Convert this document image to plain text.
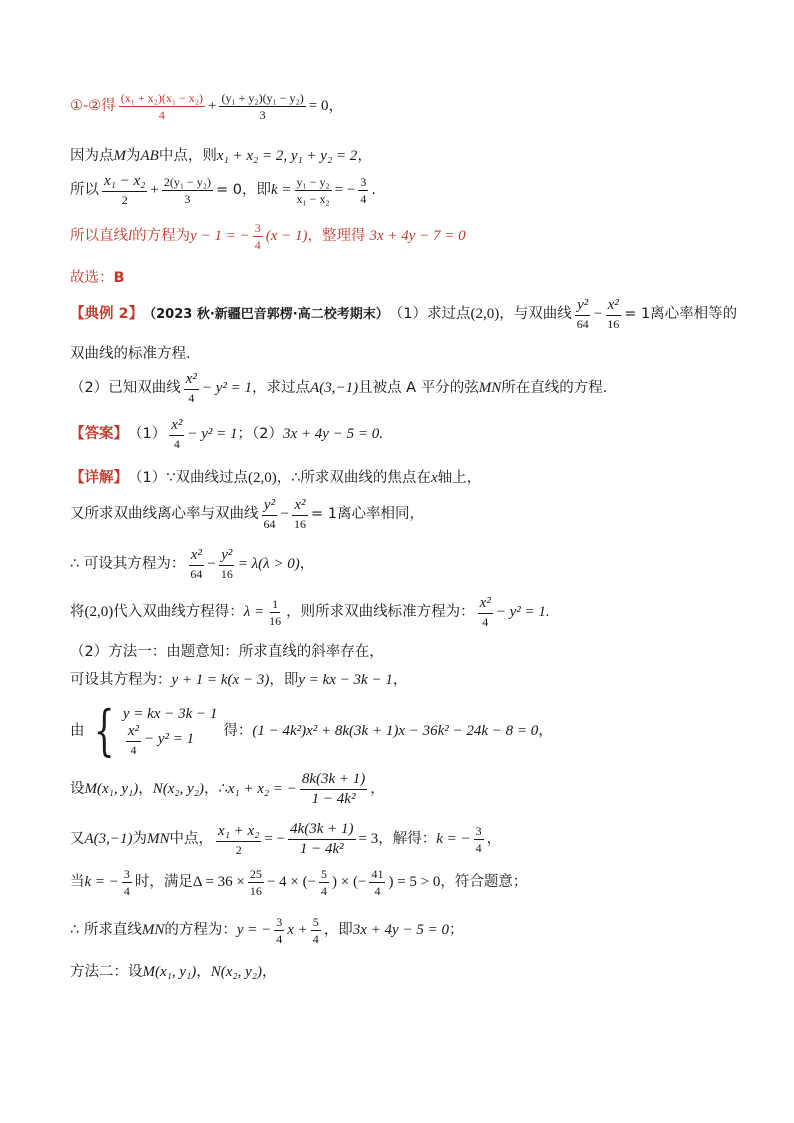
①-② 得 $\frac{\text{(x₁ + x₂)(x₁ − x₂)}}{4} + \frac{\text{(y₁ + y₂)(y₁ − y₂)}}{3} = 0$，
因为点 M 为 AB 中点，则 x₁ + x₂ = 2, y₁ + y₂ = 2 ，
所以 $\frac{\text{x₁ − x₂}}{2} + \frac{\text{2(y₁ − y₂)}}{3} = 0$，即 $k = \frac{\text{y₁ − y₂}}{\text{x₁ − x₂}}$ = − $\frac{3}{4}$ .
所以直线 l 的方程为 y − 1 = − $\frac{3}{4} (x - 1)$ ，整理得 3x + 4y − 7 = 0
故选： B
【典例 2】 （2023 秋·新疆巴音郭楞·高二校考期末） （1）求过点 (2,0) ，与双曲线 $\frac{\text{y²}}{64} - \frac{\text{x²}}{16} = 1$离心率相等的
双曲线的标准方程.
（2）已知双曲线 $\frac{\text{x²}}{4} - y^2 = 1$ ，求过点 A(3,−1) 且被点 A 平分的弦 MN 所在直线的方程.
【答案】 $(1) \frac{\text{x²}}{4} - y^2 = 1$ ；（2） 3x + 4y − 5 = 0.
【详解】 （1）∵双曲线过点 (2,0) ，∴所求双曲线的焦点在 x 轴上，
又所求双曲线离心率与双曲线 $\frac{\text{y²}}{64} - \frac{\text{x²}}{16} = 1$离心率相同，
∴ 可设其方程为： $\frac{\text{x²}}{64} - \frac{\text{y²}}{16} = \lambda(\lambda > 0)$ ，
将 (2,0) 代入双曲线方程得： $\lambda = \frac{1}{16}$ ，则所求双曲线标准方程为： $\frac{\text{x²}}{4} - y^2 = 1$.
（2）方法一：由题意知：所求直线的斜率存在，
可设其方程为： y + 1 = k(x − 3) ，即 y = kx − 3k − 1 ，
由 { y = kx − 3k − 1
$\frac{\text{x²}}{4} - y^2 = 1$
得： (1 − 4k²)x² + 8k(3k + 1)x − 36k² − 24k − 8 = 0 ，
设 M(x₁, y₁) ， N(x₂, y₂) ，∴ x₁ + x₂ = − $\frac{8k(3k + 1)}{\text{1 − 4k²}}$ ，
又 A(3,−1) 为 MN 中点， $\frac{\text{x₁ + x₂}}{2}$ = − $\frac{4k(3k + 1)}{\text{1 − 4k²}} = 3$ ，解得： k = − $\frac{3}{4}$ ，
当 k = − $\frac{3}{4}$ 时，满足 $\Delta = 36 \times \frac{25}{16} - 4$ × (− $\frac{5}{4}$ ) × (− $\frac{41}{4}$ ) = 5 > 0 ，符合题意；
∴ 所求直线 MN 的方程为： y = − $\frac{3}{4}$ $x + \frac{5}{4}$ ，即 3x + 4y − 5 = 0 ；
方法二：设 M(x₁, y₁) ， N(x₂, y₂) ，
